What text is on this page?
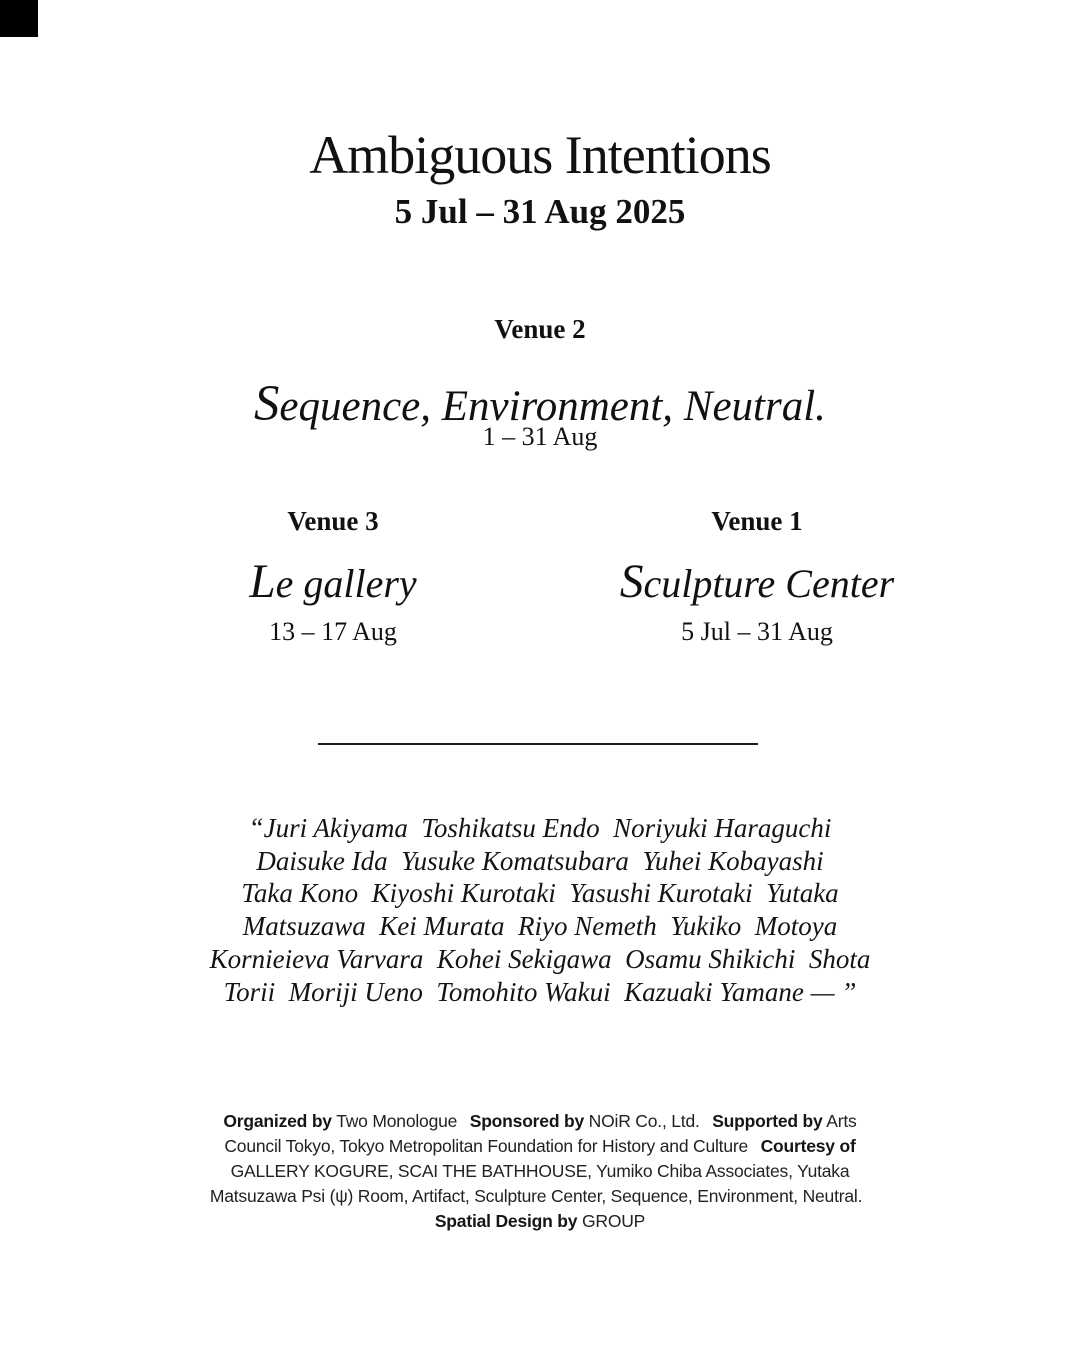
Ambiguous Intentions
5 Jul – 31 Aug 2025
Venue 2
Sequence, Environment, Neutral.
1 – 31 Aug
Venue 3
Le gallery
13 – 17 Aug
Venue 1
Sculpture Center
5 Jul – 31 Aug
“Juri Akiyama  Toshikatsu Endo  Noriyuki Haraguchi
Daisuke Ida  Yusuke Komatsubara  Yuhei Kobayashi
Taka Kono  Kiyoshi Kurotaki  Yasushi Kurotaki  Yutaka
Matsuzawa  Kei Murata  Riyo Nemeth  Yukiko  Motoya
Kornieieva Varvara  Kohei Sekigawa  Osamu Shikichi  Shota
Torii  Moriji Ueno  Tomohito Wakui  Kazuaki Yamane — ”

Organized by Two Monologue Sponsored by NOiR Co., Ltd. Supported by Arts Council Tokyo, Tokyo Metropolitan Foundation for History and Culture Courtesy of GALLERY KOGURE, SCAI THE BATHHOUSE, Yumiko Chiba Associates, Yutaka Matsuzawa Psi (ψ) Room, Artifact, Sculpture Center, Sequence, Environment, Neutral. Spatial Design by GROUP
